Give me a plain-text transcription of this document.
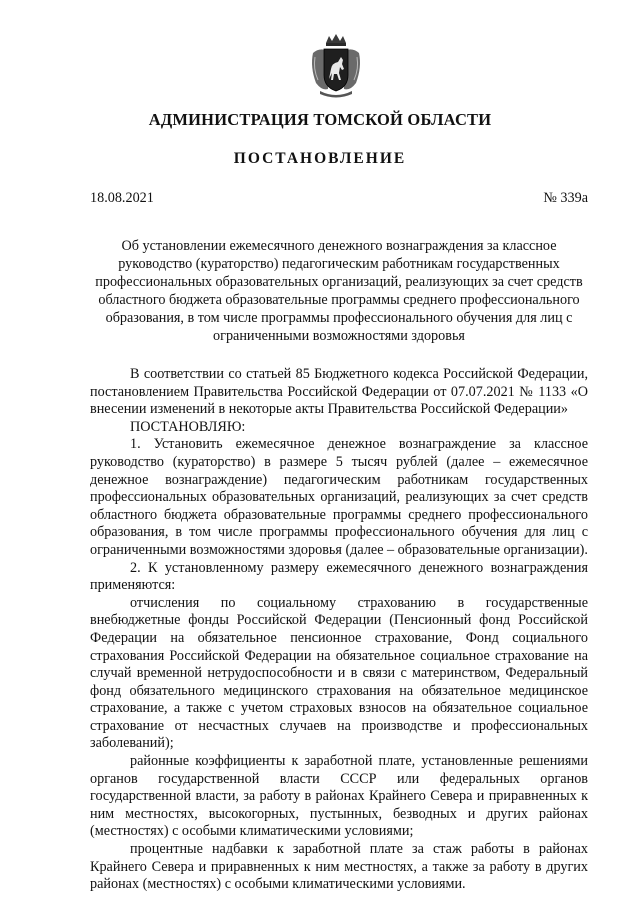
АДМИНИСТРАЦИЯ ТОМСКОЙ ОБЛАСТИ
ПОСТАНОВЛЕНИЕ
18.08.2021	№ 339а
Об установлении ежемесячного денежного вознаграждения за классное руководство (кураторство) педагогическим работникам государственных профессиональных образовательных организаций, реализующих за счет средств областного бюджета образовательные программы среднего профессионального образования, в том числе программы профессионального обучения для лиц с ограниченными возможностями здоровья

В соответствии со статьей 85 Бюджетного кодекса Российской Федерации, постановлением Правительства Российской Федерации от 07.07.2021 № 1133 «О внесении изменений в некоторые акты Правительства Российской Федерации»

ПОСТАНОВЛЯЮ:

1. Установить ежемесячное денежное вознаграждение за классное руководство (кураторство) в размере 5 тысяч рублей (далее – ежемесячное денежное вознаграждение) педагогическим работникам государственных профессиональных образовательных организаций, реализующих за счет средств областного бюджета образовательные программы среднего профессионального образования, в том числе программы профессионального обучения для лиц с ограниченными возможностями здоровья (далее – образовательные организации).

2. К установленному размеру ежемесячного денежного вознаграждения применяются:

отчисления по социальному страхованию в государственные внебюджетные фонды Российской Федерации (Пенсионный фонд Российской Федерации на обязательное пенсионное страхование, Фонд социального страхования Российской Федерации на обязательное социальное страхование на случай временной нетрудоспособности и в связи с материнством, Федеральный фонд обязательного медицинского страхования на обязательное медицинское страхование, а также с учетом страховых взносов на обязательное социальное страхование от несчастных случаев на производстве и профессиональных заболеваний);

районные коэффициенты к заработной плате, установленные решениями органов государственной власти СССР или федеральных органов государственной власти, за работу в районах Крайнего Севера и приравненных к ним местностях, высокогорных, пустынных, безводных и других районах (местностях) с особыми климатическими условиями;

процентные надбавки к заработной плате за стаж работы в районах Крайнего Севера и приравненных к ним местностях, а также за работу в других районах (местностях) с особыми климатическими условиями.
